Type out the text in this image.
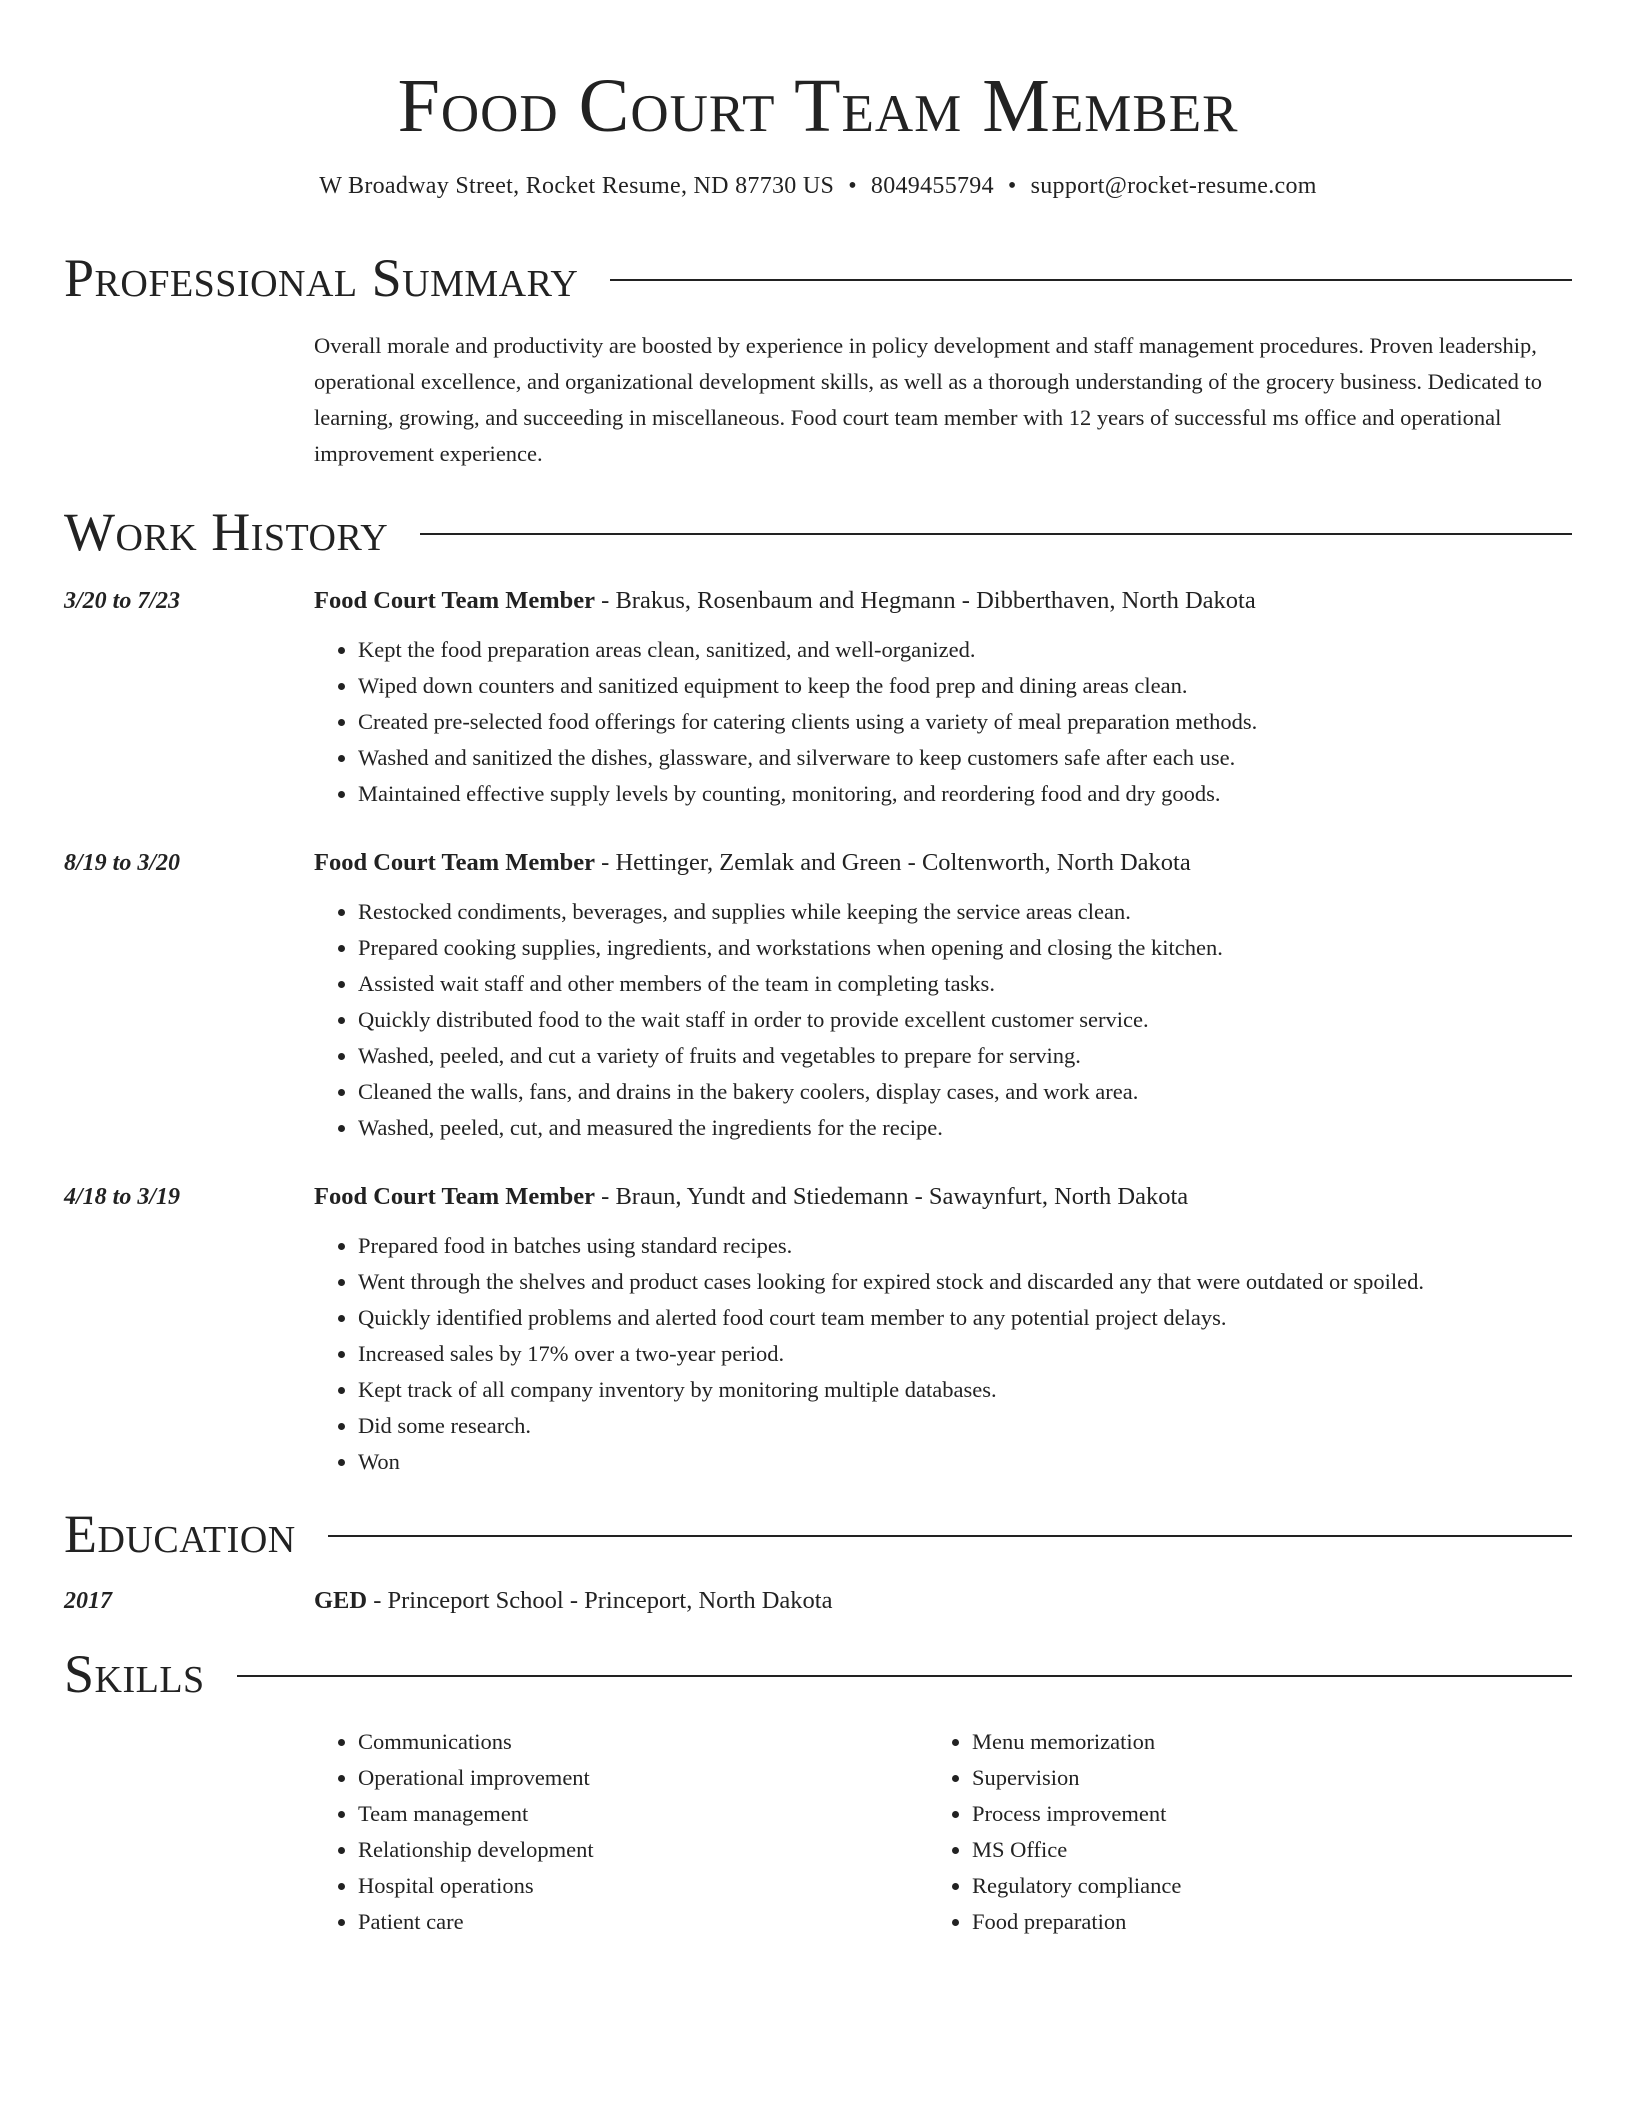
Food Court Team Member
W Broadway Street, Rocket Resume, ND 87730 US • 8049455794 • support@rocket-resume.com
Professional Summary
Overall morale and productivity are boosted by experience in policy development and staff management procedures. Proven leadership, operational excellence, and organizational development skills, as well as a thorough understanding of the grocery business. Dedicated to learning, growing, and succeeding in miscellaneous. Food court team member with 12 years of successful ms office and operational improvement experience.
Work History
3/20 to 7/23	Food Court Team Member - Brakus, Rosenbaum and Hegmann - Dibberthaven, North Dakota
• Kept the food preparation areas clean, sanitized, and well-organized.
• Wiped down counters and sanitized equipment to keep the food prep and dining areas clean.
• Created pre-selected food offerings for catering clients using a variety of meal preparation methods.
• Washed and sanitized the dishes, glassware, and silverware to keep customers safe after each use.
• Maintained effective supply levels by counting, monitoring, and reordering food and dry goods.
8/19 to 3/20	Food Court Team Member - Hettinger, Zemlak and Green - Coltenworth, North Dakota
• Restocked condiments, beverages, and supplies while keeping the service areas clean.
• Prepared cooking supplies, ingredients, and workstations when opening and closing the kitchen.
• Assisted wait staff and other members of the team in completing tasks.
• Quickly distributed food to the wait staff in order to provide excellent customer service.
• Washed, peeled, and cut a variety of fruits and vegetables to prepare for serving.
• Cleaned the walls, fans, and drains in the bakery coolers, display cases, and work area.
• Washed, peeled, cut, and measured the ingredients for the recipe.
4/18 to 3/19	Food Court Team Member - Braun, Yundt and Stiedemann - Sawaynfurt, North Dakota
• Prepared food in batches using standard recipes.
• Went through the shelves and product cases looking for expired stock and discarded any that were outdated or spoiled.
• Quickly identified problems and alerted food court team member to any potential project delays.
• Increased sales by 17% over a two-year period.
• Kept track of all company inventory by monitoring multiple databases.
• Did some research.
• Won
Education
2017	GED - Princeport School - Princeport, North Dakota
Skills
• Communications
• Operational improvement
• Team management
• Relationship development
• Hospital operations
• Patient care
• Menu memorization
• Supervision
• Process improvement
• MS Office
• Regulatory compliance
• Food preparation
